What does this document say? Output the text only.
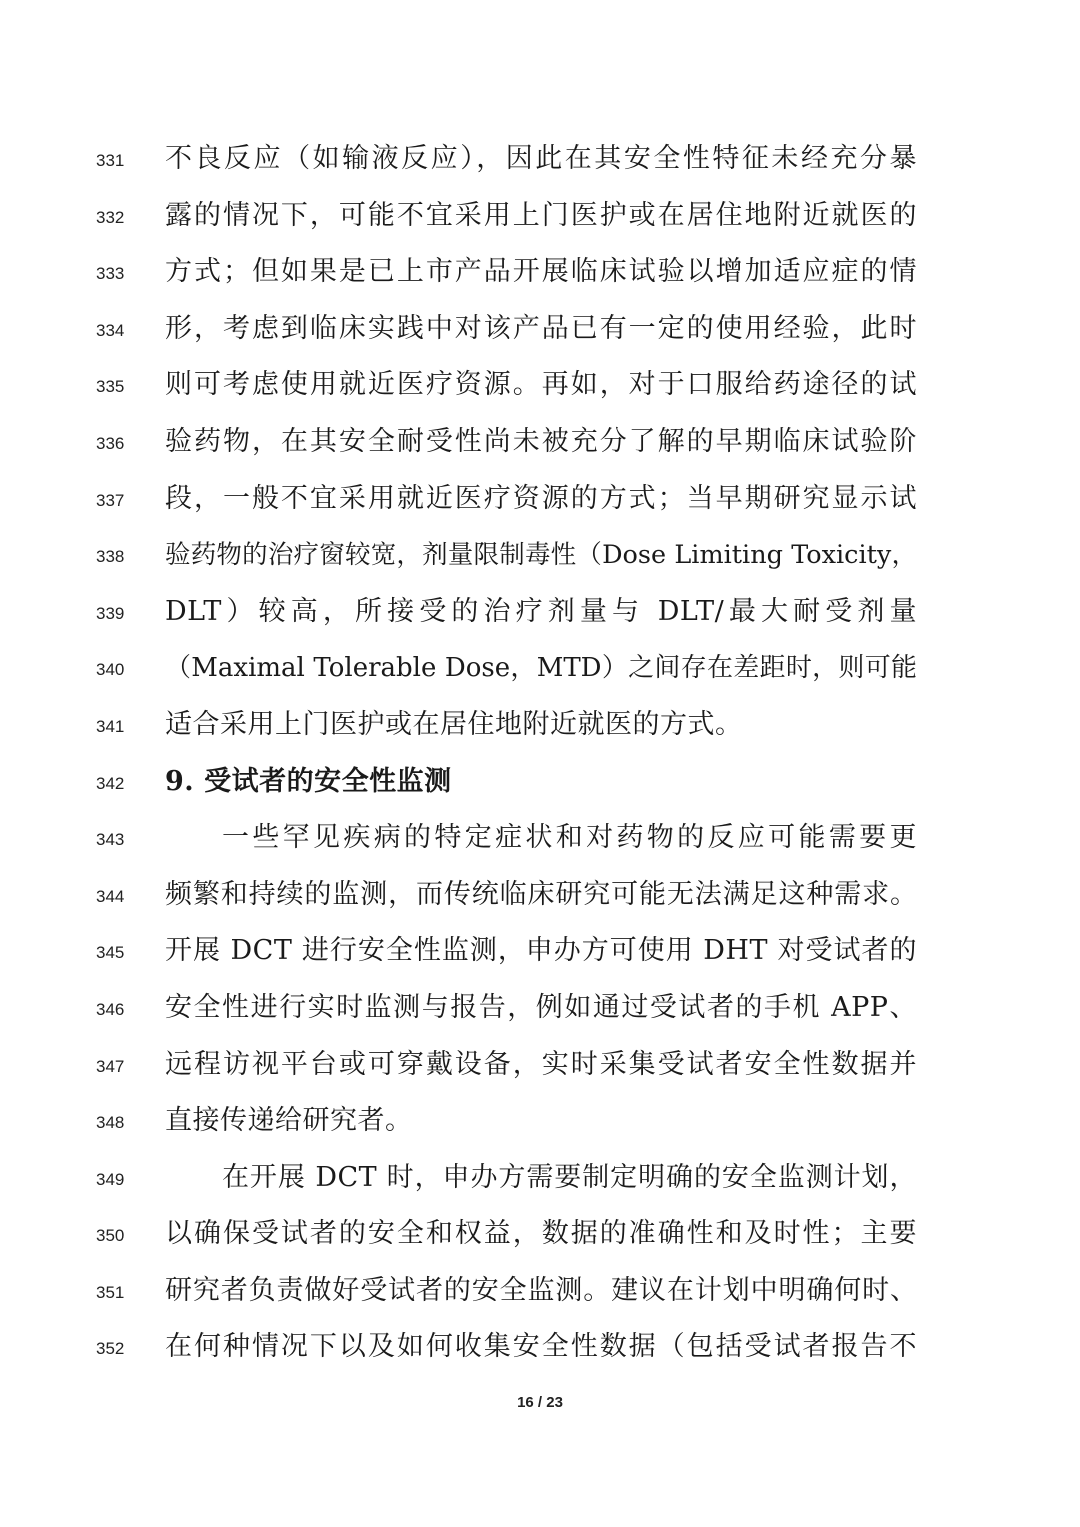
331	不良反应（如输液反应），因此在其安全性特征未经充分暴
332	露的情况下，可能不宜采用上门医护或在居住地附近就医的
333	方式；但如果是已上市产品开展临床试验以增加适应症的情
334	形，考虑到临床实践中对该产品已有一定的使用经验，此时
335	则可考虑使用就近医疗资源。再如，对于口服给药途径的试
336	验药物，在其安全耐受性尚未被充分了解的早期临床试验阶
337	段，一般不宜采用就近医疗资源的方式；当早期研究显示试
338	验药物的治疗窗较宽，剂量限制毒性（Dose Limiting Toxicity，
339	DLT）较高，所接受的治疗剂量与 DLT/最大耐受剂量
340	（Maximal Tolerable Dose，MTD）之间存在差距时，则可能
341	适合采用上门医护或在居住地附近就医的方式。
342	9. 受试者的安全性监测
343	一些罕见疾病的特定症状和对药物的反应可能需要更
344	频繁和持续的监测，而传统临床研究可能无法满足这种需求。
345	开展 DCT 进行安全性监测，申办方可使用 DHT 对受试者的
346	安全性进行实时监测与报告，例如通过受试者的手机 APP、
347	远程访视平台或可穿戴设备，实时采集受试者安全性数据并
348	直接传递给研究者。
349	在开展 DCT 时，申办方需要制定明确的安全监测计划，
350	以确保受试者的安全和权益，数据的准确性和及时性；主要
351	研究者负责做好受试者的安全监测。建议在计划中明确何时、
352	在何种情况下以及如何收集安全性数据（包括受试者报告不
16 / 23
